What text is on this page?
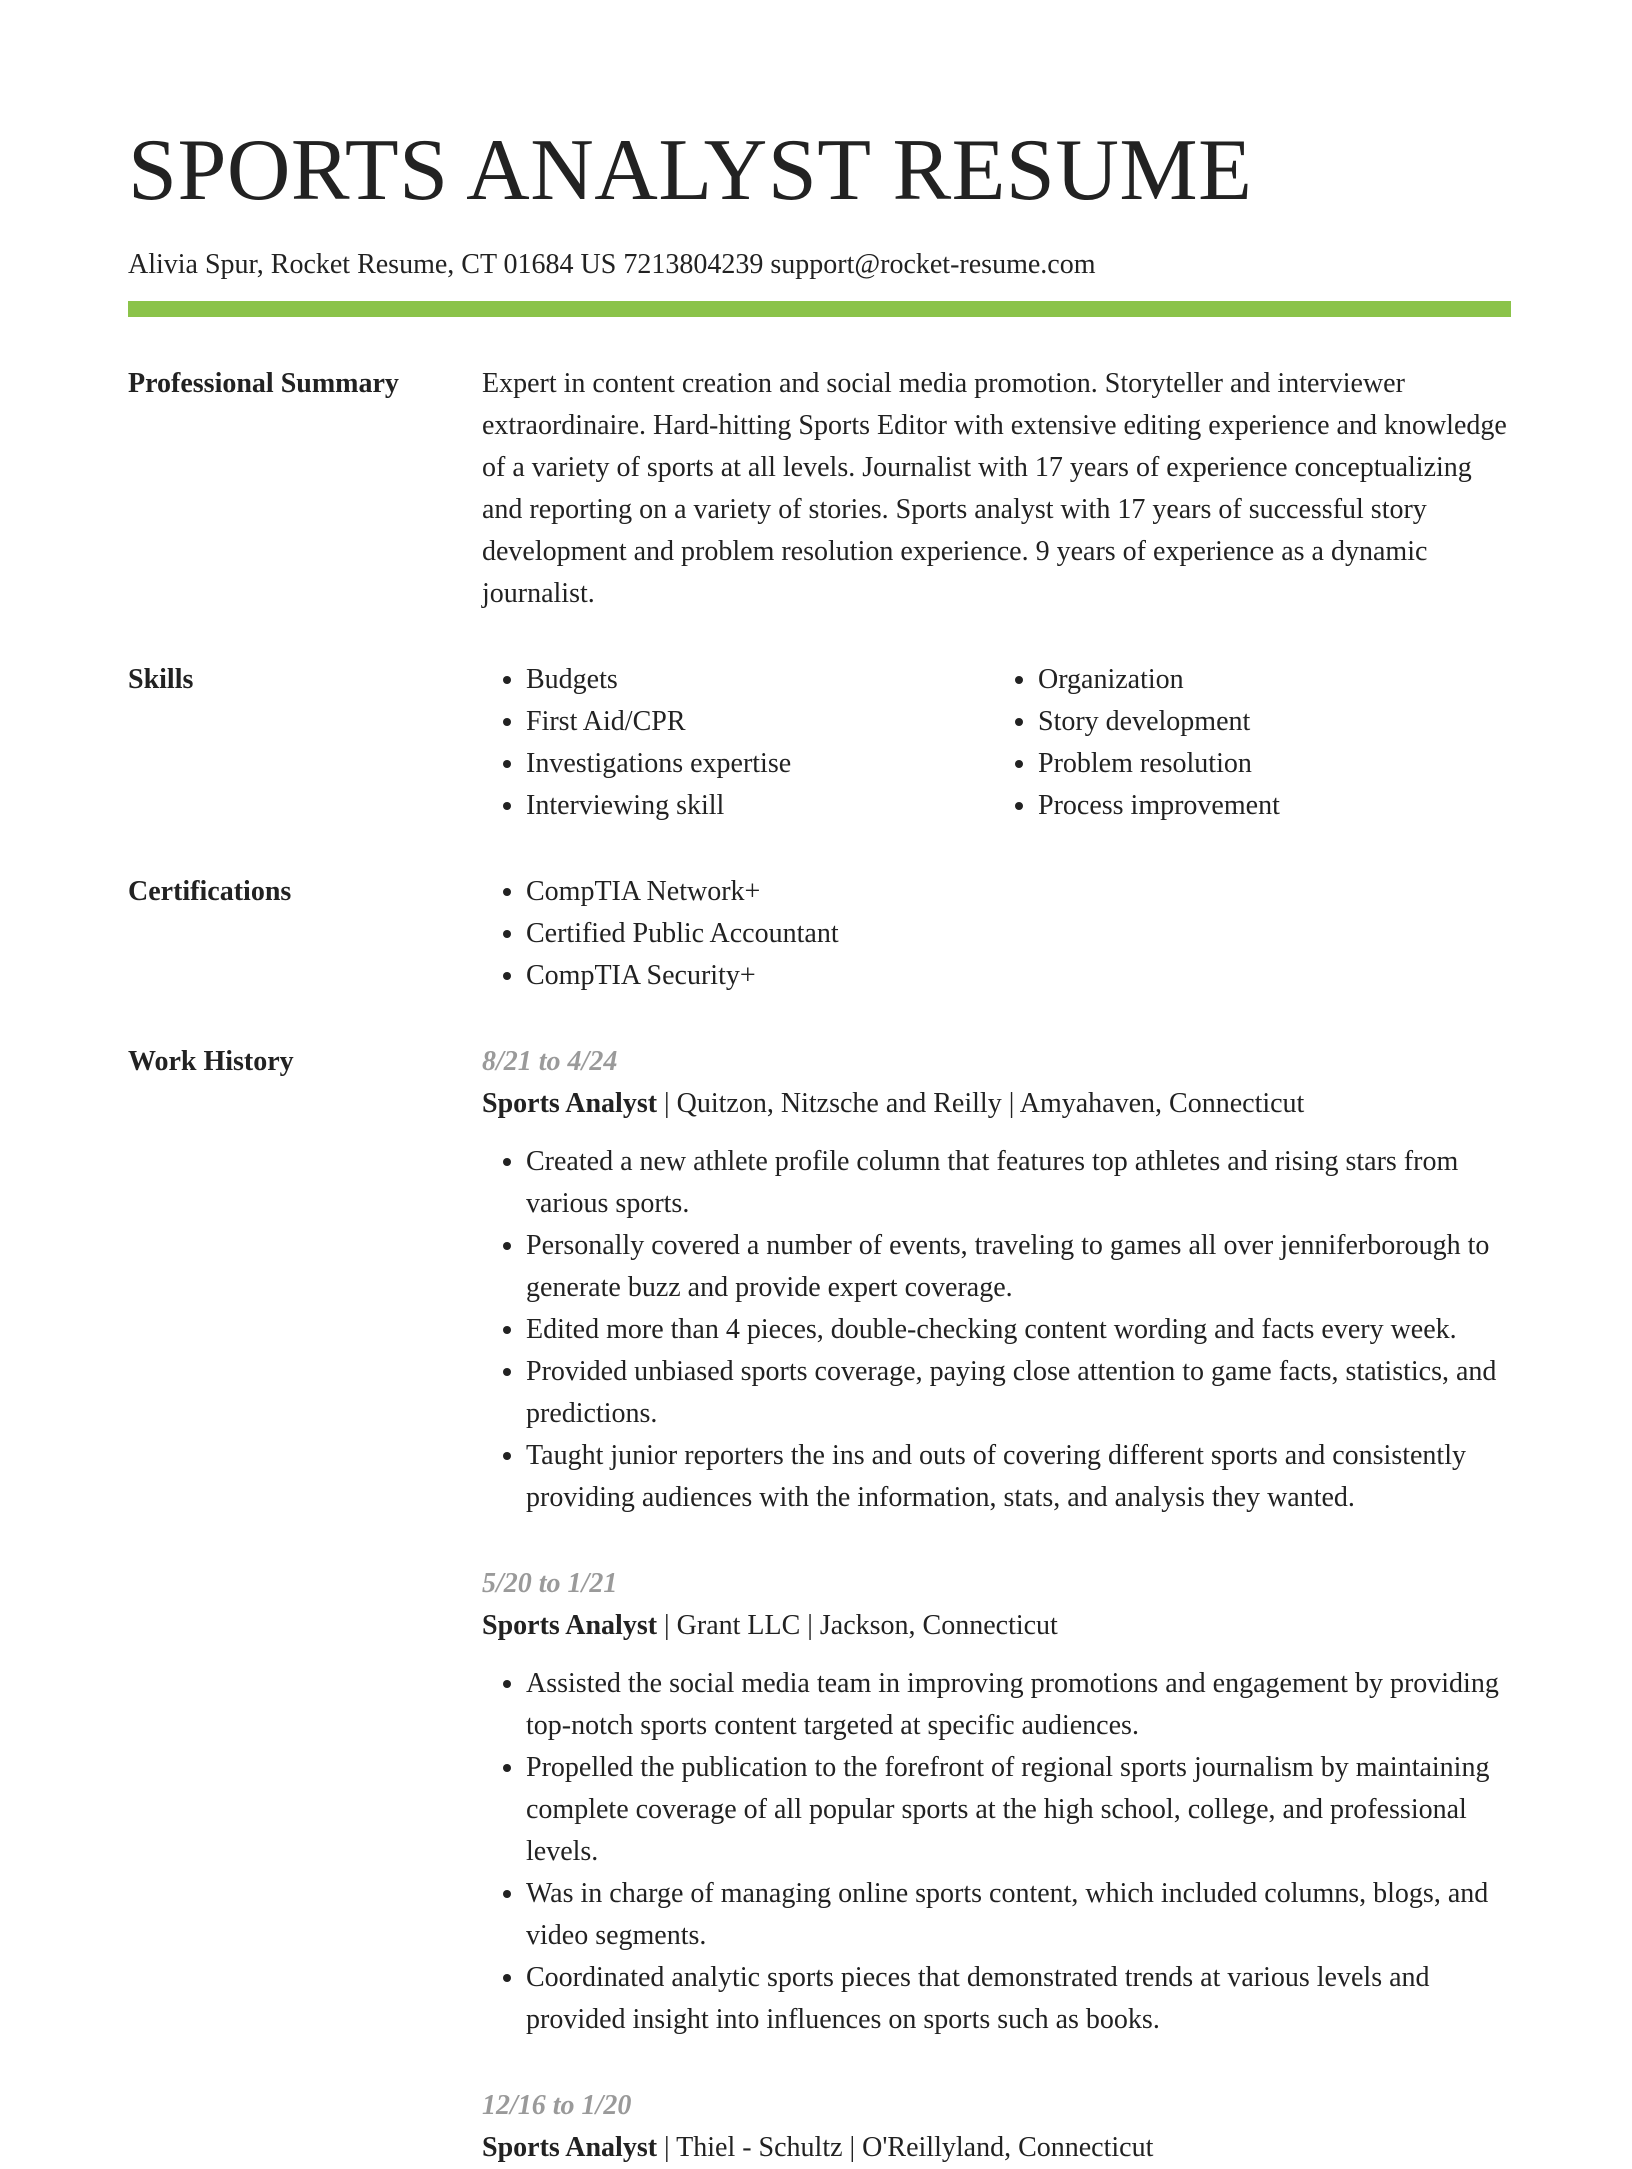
SPORTS ANALYST RESUME
Alivia Spur, Rocket Resume, CT 01684 US 7213804239 support@rocket-resume.com
Professional Summary	Expert in content creation and social media promotion. Storyteller and interviewer extraordinaire. Hard-hitting Sports Editor with extensive editing experience and knowledge of a variety of sports at all levels. Journalist with 17 years of experience conceptualizing and reporting on a variety of stories. Sports analyst with 17 years of successful story development and problem resolution experience. 9 years of experience as a dynamic journalist.

Skills	• Budgets
• First Aid/CPR
• Investigations expertise
• Interviewing skill
• Organization
• Story development
• Problem resolution
• Process improvement
Certifications	• CompTIA Network+
• Certified Public Accountant
• CompTIA Security+
Work History	8/21 to 4/24
Sports Analyst | Quitzon, Nitzsche and Reilly | Amyahaven, Connecticut
• Created a new athlete profile column that features top athletes and rising stars from various sports.
• Personally covered a number of events, traveling to games all over jenniferborough to generate buzz and provide expert coverage.
• Edited more than 4 pieces, double-checking content wording and facts every week.
• Provided unbiased sports coverage, paying close attention to game facts, statistics, and predictions.
• Taught junior reporters the ins and outs of covering different sports and consistently providing audiences with the information, stats, and analysis they wanted.
5/20 to 1/21
Sports Analyst | Grant LLC | Jackson, Connecticut
• Assisted the social media team in improving promotions and engagement by providing top-notch sports content targeted at specific audiences.
• Propelled the publication to the forefront of regional sports journalism by maintaining complete coverage of all popular sports at the high school, college, and professional levels.
• Was in charge of managing online sports content, which included columns, blogs, and video segments.
• Coordinated analytic sports pieces that demonstrated trends at various levels and provided insight into influences on sports such as books.
12/16 to 1/20
Sports Analyst | Thiel - Schultz | O'Reillyland, Connecticut
